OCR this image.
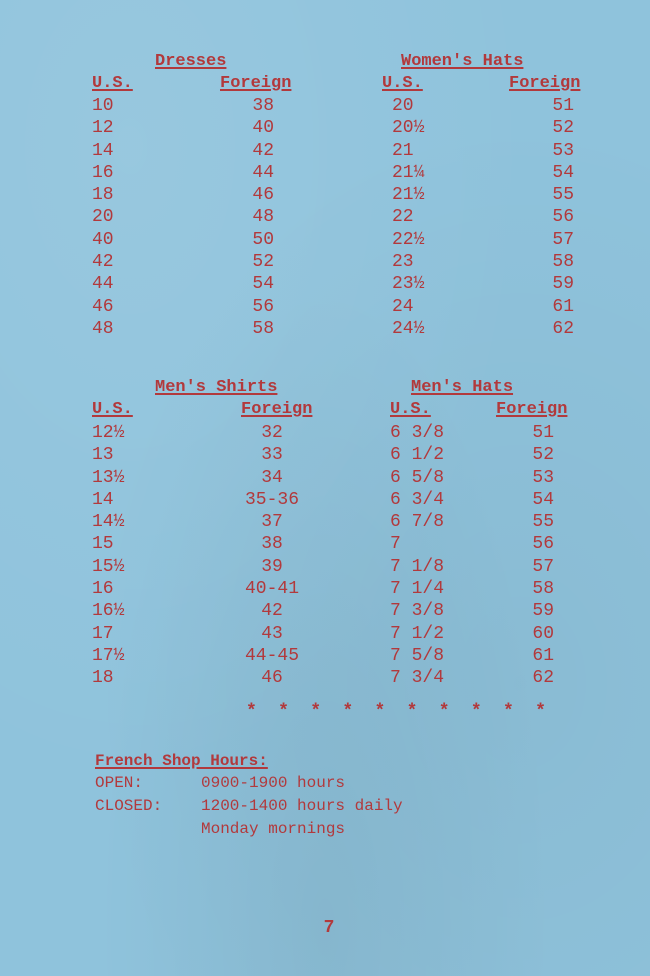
Dresses
U.S.	Foreign
10	38
12	40
14	42
16	44
18	46
20	48
40	50
42	52
44	54
46	56
48	58
Women's Hats
U.S.	Foreign
20	51
20½	52
21	53
21¼	54
21½	55
22	56
22½	57
23	58
23½	59
24	61
24½	62
Men's Shirts
U.S.	Foreign
12½	32
13	33
13½	34
14	35-36
14½	37
15	38
15½	39
16	40-41
16½	42
17	43
17½	44-45
18	46
Men's Hats
U.S.	Foreign
6 3/8	51
6 1/2	52
6 5/8	53
6 3/4	54
6 7/8	55
7	56
7 1/8	57
7 1/4	58
7 3/8	59
7 1/2	60
7 5/8	61
7 3/4	62
* * * * * * * * * *
French Shop Hours:
OPEN:	0900-1900 hours
CLOSED: 1200-1400 hours daily
Monday mornings
7
